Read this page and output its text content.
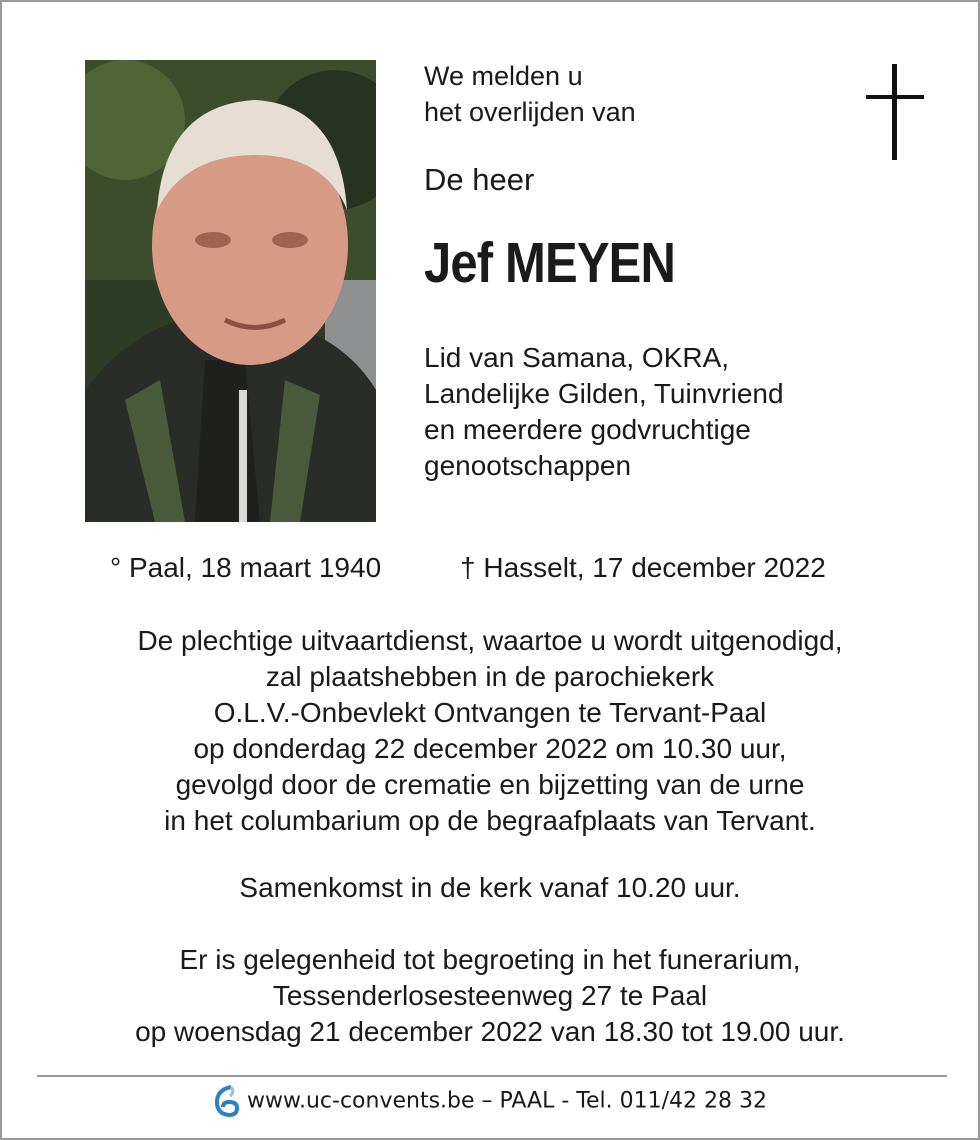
We melden u
het overlijden van
De heer
Jef MEYEN
Lid van Samana, OKRA,
Landelijke Gilden, Tuinvriend
en meerdere godvruchtige
genootschappen
° Paal, 18 maart 1940	† Hasselt, 17 december 2022
De plechtige uitvaartdienst, waartoe u wordt uitgenodigd,
zal plaatshebben in de parochiekerk
O.L.V.-Onbevlekt Ontvangen te Tervant-Paal
op donderdag 22 december 2022 om 10.30 uur,
gevolgd door de crematie en bijzetting van de urne
in het columbarium op de begraafplaats van Tervant.
Samenkomst in de kerk vanaf 10.20 uur.
Er is gelegenheid tot begroeting in het funerarium,
Tessenderlosesteenweg 27 te Paal
op woensdag 21 december 2022 van 18.30 tot 19.00 uur.
www.uc-convents.be – PAAL - Tel. 011/42 28 32
